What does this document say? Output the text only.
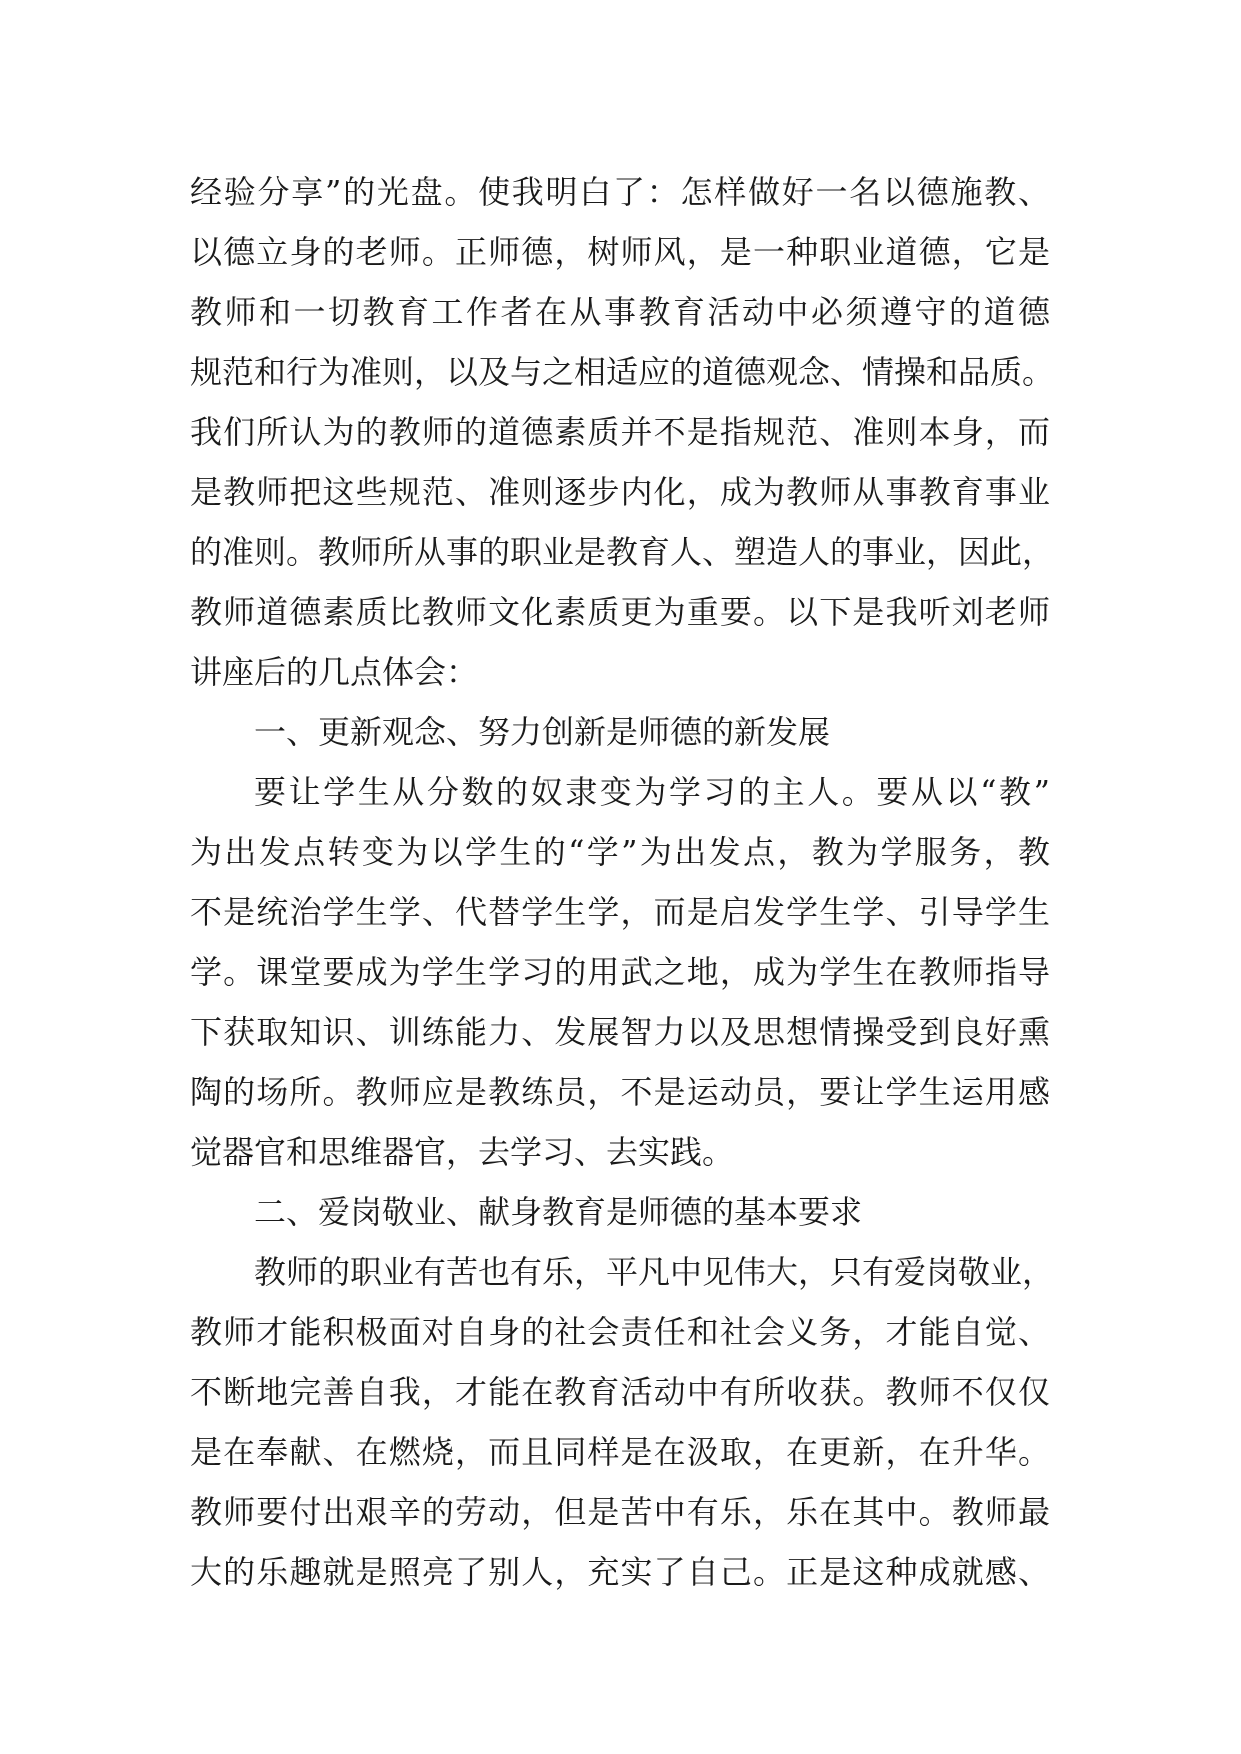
经验分享”的光盘。使我明白了：怎样做好一名以德施教、
以德立身的老师。正师德，树师风，是一种职业道德，它是
教师和一切教育工作者在从事教育活动中必须遵守的道德
规范和行为准则，以及与之相适应的道德观念、情操和品质。
我们所认为的教师的道德素质并不是指规范、准则本身，而
是教师把这些规范、准则逐步内化，成为教师从事教育事业
的准则。教师所从事的职业是教育人、塑造人的事业，因此，
教师道德素质比教师文化素质更为重要。以下是我听刘老师
讲座后的几点体会：
一、更新观念、努力创新是师德的新发展
要让学生从分数的奴隶变为学习的主人。要从以“教”
为出发点转变为以学生的“学”为出发点，教为学服务，教
不是统治学生学、代替学生学，而是启发学生学、引导学生
学。课堂要成为学生学习的用武之地，成为学生在教师指导
下获取知识、训练能力、发展智力以及思想情操受到良好熏
陶的场所。教师应是教练员，不是运动员，要让学生运用感
觉器官和思维器官，去学习、去实践。
二、爱岗敬业、献身教育是师德的基本要求
教师的职业有苦也有乐，平凡中见伟大，只有爱岗敬业，
教师才能积极面对自身的社会责任和社会义务，才能自觉、
不断地完善自我，才能在教育活动中有所收获。教师不仅仅
是在奉献、在燃烧，而且同样是在汲取，在更新，在升华。
教师要付出艰辛的劳动，但是苦中有乐，乐在其中。教师最
大的乐趣就是照亮了别人，充实了自己。正是这种成就感、
